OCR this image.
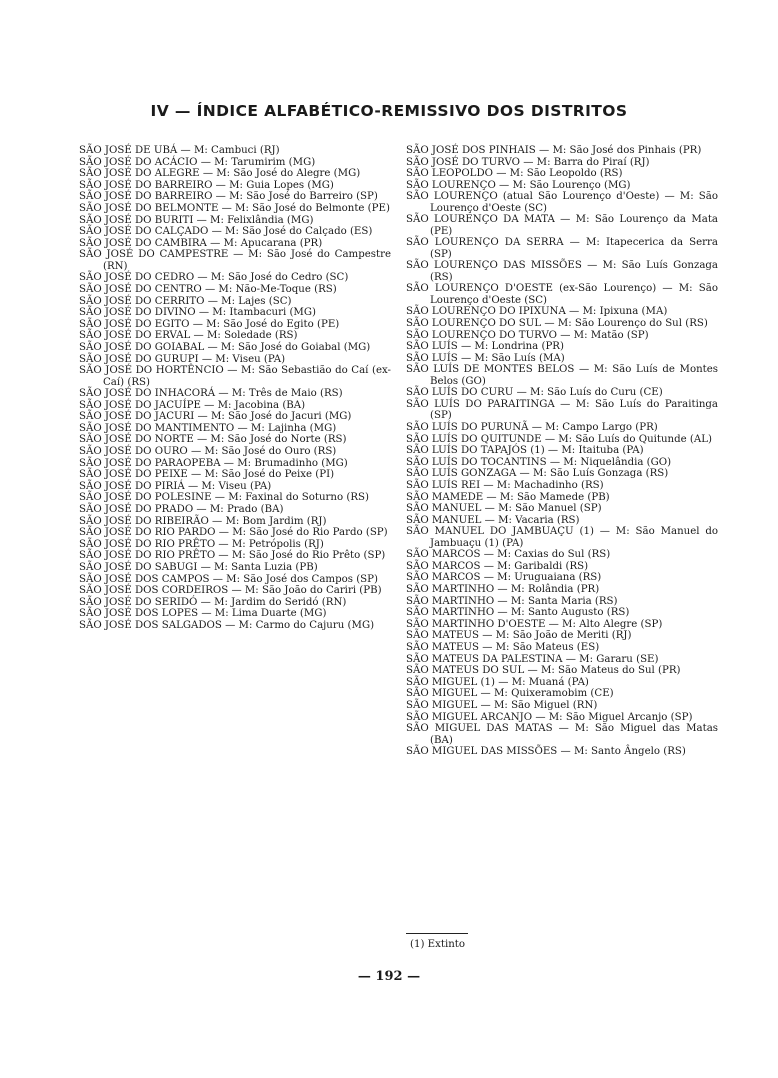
IV — ÍNDICE ALFABÉTICO-REMISSIVO DOS DISTRITOS

SÃO JOSÉ DE UBÁ — M: Cambuci (RJ)

SÃO JOSÉ DO ACÁCIO — M: Tarumirim (MG)

SÃO JOSÉ DO ALEGRE — M: São José do Alegre (MG)

SÃO JOSÉ DO BARREIRO — M: Guia Lopes (MG)

SÃO JOSÉ DO BARREIRO — M: São José do Barreiro (SP)

SÃO JOSÉ DO BELMONTE — M: São José do Belmonte (PE)

SÃO JOSÉ DO BURITI — M: Felixlândia (MG)

SÃO JOSÉ DO CALÇADO — M: São José do Calçado (ES)

SÃO JOSÉ DO CAMBIRA — M: Apucarana (PR)

SÃO JOSÉ DO CAMPESTRE — M: São José do Campestre (RN)

SÃO JOSÉ DO CEDRO — M: São José do Cedro (SC)

SÃO JOSÉ DO CENTRO — M: Não-Me-Toque (RS)

SÃO JOSÉ DO CERRITO — M: Lajes (SC)

SÃO JOSÉ DO DIVINO — M: Itambacuri (MG)

SÃO JOSÉ DO EGITO — M: São José do Egito (PE)

SÃO JOSÉ DO ERVAL — M: Soledade (RS)

SÃO JOSÉ DO GOIABAL — M: São José do Goiabal (MG)

SÃO JOSÉ DO GURUPI — M: Viseu (PA)

SÃO JOSÉ DO HORTÊNCIO — M: São Sebastião do Caí (ex-Caí) (RS)

SÃO JOSÉ DO INHACORÁ — M: Três de Maio (RS)

SÃO JOSÉ DO JACUÍPE — M: Jacobina (BA)

SÃO JOSÉ DO JACURI — M: São José do Jacuri (MG)

SÃO JOSÉ DO MANTIMENTO — M: Lajinha (MG)

SÃO JOSÉ DO NORTE — M: São José do Norte (RS)

SÃO JOSÉ DO OURO — M: São José do Ouro (RS)

SÃO JOSÉ DO PARAOPEBA — M: Brumadinho (MG)

SÃO JOSÉ DO PEIXE — M: São José do Peixe (PI)

SÃO JOSÉ DO PIRIÁ — M: Viseu (PA)

SÃO JOSÉ DO POLESINE — M: Faxinal do Soturno (RS)

SÃO JOSÉ DO PRADO — M: Prado (BA)

SÃO JOSÉ DO RIBEIRÃO — M: Bom Jardim (RJ)

SÃO JOSÉ DO RIO PARDO — M: São José do Rio Pardo (SP)

SÃO JOSÉ DO RIO PRÊTO — M: Petrópolis (RJ)

SÃO JOSÉ DO RIO PRÊTO — M: São José do Rio Prêto (SP)

SÃO JOSÉ DO SABUGI — M: Santa Luzia (PB)

SÃO JOSÉ DOS CAMPOS — M: São José dos Campos (SP)

SÃO JOSÉ DOS CORDEIROS — M: São João do Cariri (PB)

SÃO JOSÉ DO SERIDÓ — M: Jardim do Seridó (RN)

SÃO JOSÉ DOS LOPES — M: Lima Duarte (MG)

SÃO JOSÉ DOS SALGADOS — M: Carmo do Cajuru (MG)

SÃO JOSÉ DOS PINHAIS — M: São José dos Pinhais (PR)

SÃO JOSÉ DO TURVO — M: Barra do Piraí (RJ)

SÃO LEOPOLDO — M: São Leopoldo (RS)

SÃO LOURENÇO — M: São Lourenço (MG)

SÃO LOURENÇO (atual São Lourenço d'Oeste) — M: São Lourenço d'Oeste (SC)

SÃO LOURENÇO DA MATA — M: São Lourenço da Mata (PE)

SÃO LOURENÇO DA SERRA — M: Itapecerica da Serra (SP)

SÃO LOURENÇO DAS MISSÕES — M: São Luís Gonzaga (RS)

SÃO LOURENÇO D'OESTE (ex-São Lourenço) — M: São Lourenço d'Oeste (SC)

SÃO LOURENÇO DO IPIXUNA — M: Ipixuna (MA)

SÃO LOURENÇO DO SUL — M: São Lourenço do Sul (RS)

SÃO LOURENÇO DO TURVO — M: Matão (SP)

SÃO LUÍS — M: Londrina (PR)

SÃO LUÍS — M: São Luís (MA)

SÃO LUÍS DE MONTES BELOS — M: São Luís de Montes Belos (GO)

SÃO LUÍS DO CURU — M: São Luís do Curu (CE)

SÃO LUÍS DO PARAITINGA — M: São Luís do Paraitinga (SP)

SÃO LUÍS DO PURUNÃ — M: Campo Largo (PR)

SÃO LUÍS DO QUITUNDE — M: São Luís do Quitunde (AL)

SÃO LUÍS DO TAPAJÓS (1) — M: Itaituba (PA)

SÃO LUÍS DO TOCANTINS — M: Niquelândia (GO)

SÃO LUÍS GONZAGA — M: São Luís Gonzaga (RS)

SÃO LUÍS REI — M: Machadinho (RS)

SÃO MAMEDE — M: São Mamede (PB)

SÃO MANUEL — M: São Manuel (SP)

SÃO MANUEL — M: Vacaria (RS)

SÃO MANUEL DO JAMBUAÇU (1) — M: São Manuel do Jambuaçu (1) (PA)

SÃO MARCOS — M: Caxias do Sul (RS)

SÃO MARCOS — M: Garibaldi (RS)

SÃO MARCOS — M: Uruguaiana (RS)

SÃO MARTINHO — M: Rolândia (PR)

SÃO MARTINHO — M: Santa Maria (RS)

SÃO MARTINHO — M: Santo Augusto (RS)

SÃO MARTINHO D'OESTE — M: Alto Alegre (SP)

SÃO MATEUS — M: São João de Meriti (RJ)

SÃO MATEUS — M: São Mateus (ES)

SÃO MATEUS DA PALESTINA — M: Gararu (SE)

SÃO MATEUS DO SUL — M: São Mateus do Sul (PR)

SÃO MIGUEL (1) — M: Muaná (PA)

SÃO MIGUEL — M: Quixeramobim (CE)

SÃO MIGUEL — M: São Miguel (RN)

SÃO MIGUEL ARCANJO — M: São Miguel Arcanjo (SP)

SÃO MIGUEL DAS MATAS — M: São Miguel das Matas (BA)

SÃO MIGUEL DAS MISSÕES — M: Santo Ângelo (RS)

(1) Extinto
— 192 —
